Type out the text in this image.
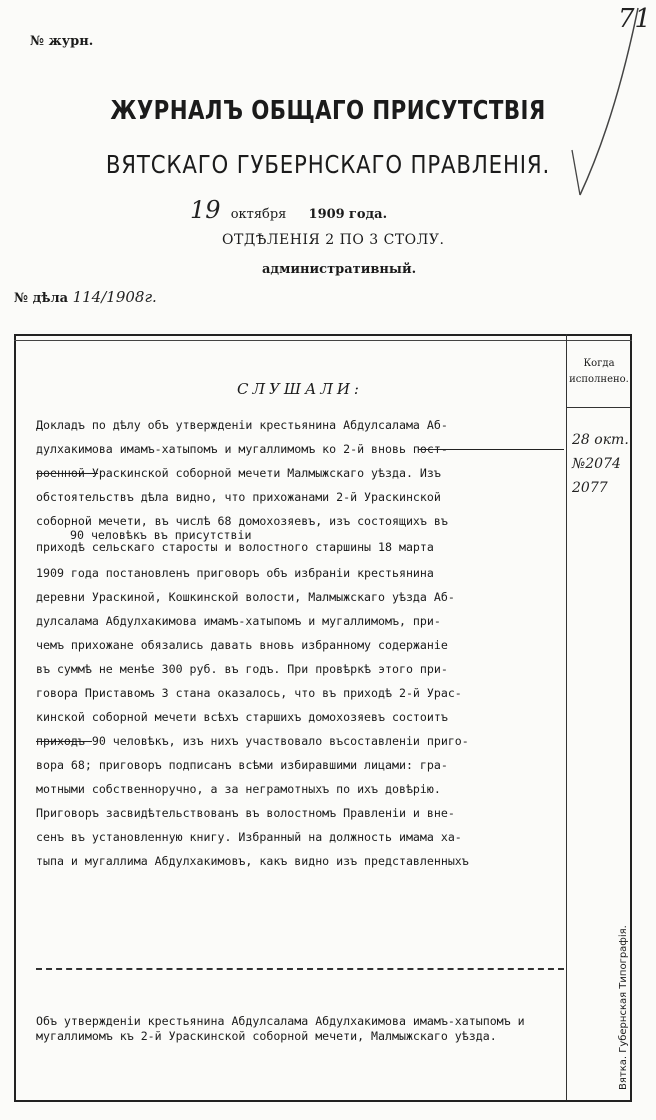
71
№ журн.
ЖУРНАЛЪ ОБЩАГО ПРИСУТСТВІЯ
ВЯТСКАГО ГУБЕРНСКАГО ПРАВЛЕНІЯ.
19 октября 1909 года.
ОТДѢЛЕНІЯ 2 ПО 3 СТОЛУ.
административный.
№ дѣла 114/1908г.
Когда исполнено.
28 окт.
№2074
2077
СЛУШАЛИ:
Докладъ по дѣлу объ утвержденіи крестьянина Абдулсалама Аб-
дулхакимова имамъ-хатыпомъ и мугаллимомъ ко 2-й вновь пост-
роенной Ураскинской соборной мечети Малмыжскаго уѣзда. Изъ
обстоятельствъ дѣла видно, что прихожанами 2-й Ураскинской
соборной мечети, въ числѣ 68 домохозяевъ, изъ состоящихъ въ
90 человѣкъ въ присутствіи
приходѣ сельскаго старосты и волостного старшины 18 марта
1909 года постановленъ приговоръ объ избраніи крестьянина
деревни Ураскиной, Кошкинской волости, Малмыжскаго уѣзда Аб-
дулсалама Абдулхакимова имамъ-хатыпомъ и мугаллимомъ, при-
чемъ прихожане обязались давать вновь избранному содержаніе
въ суммѣ не менѣе 300 руб. въ годъ. При провѣркѣ этого при-
говора Приставомъ 3 стана оказалось, что въ приходѣ 2-й Урас-
кинской соборной мечети всѣхъ старшихъ домохозяевъ состоитъ
приходъ 90 человѣкъ, изъ нихъ участвовало въсоставленіи приго-
вора 68; приговоръ подписанъ всѣми избиравшими лицами: гра-
мотными собственноручно, а за неграмотныхъ по ихъ довѣрію.
Приговоръ засвидѣтельствованъ въ волостномъ Правленіи и вне-
сенъ въ установленную книгу. Избранный на должность имама ха-
тыпа и мугаллима Абдулхакимовъ, какъ видно изъ представленныхъ
Объ утвержденіи крестьянина Абдулсалама Абдулхакимова имамъ-хатыпомъ и мугаллимомъ къ 2-й Ураскинской соборной мечети, Малмыжскаго уѣзда.	Вятка. Губернская Типографія.
